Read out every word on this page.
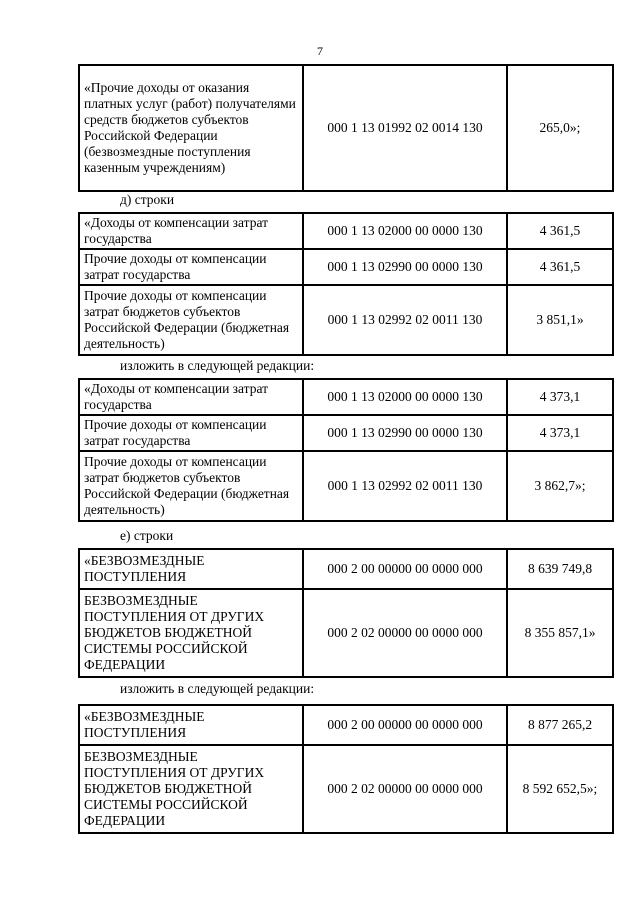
7
«Прочие доходы от оказания платных услуг (работ) получателями средств бюджетов субъектов Российской Федерации (безвозмездные поступления казенным учреждениям)	000 1 13 01992 02 0014 130	265,0»;
д) строки
«Доходы от компенсации затрат государства	000 1 13 02000 00 0000 130	4 361,5
Прочие доходы от компенсации затрат государства	000 1 13 02990 00 0000 130	4 361,5
Прочие доходы от компенсации затрат бюджетов субъектов Российской Федерации (бюджетная деятельность)	000 1 13 02992 02 0011 130	3 851,1»
изложить в следующей редакции:
«Доходы от компенсации затрат государства	000 1 13 02000 00 0000 130	4 373,1
Прочие доходы от компенсации затрат государства	000 1 13 02990 00 0000 130	4 373,1
Прочие доходы от компенсации затрат бюджетов субъектов Российской Федерации (бюджетная деятельность)	000 1 13 02992 02 0011 130	3 862,7»;
е) строки
«БЕЗВОЗМЕЗДНЫЕ ПОСТУПЛЕНИЯ	000 2 00 00000 00 0000 000	8 639 749,8
БЕЗВОЗМЕЗДНЫЕ ПОСТУПЛЕНИЯ ОТ ДРУГИХ БЮДЖЕТОВ БЮДЖЕТНОЙ СИСТЕМЫ РОССИЙСКОЙ ФЕДЕРАЦИИ	000 2 02 00000 00 0000 000	8 355 857,1»
изложить в следующей редакции:
«БЕЗВОЗМЕЗДНЫЕ ПОСТУПЛЕНИЯ	000 2 00 00000 00 0000 000	8 877 265,2
БЕЗВОЗМЕЗДНЫЕ ПОСТУПЛЕНИЯ ОТ ДРУГИХ БЮДЖЕТОВ БЮДЖЕТНОЙ СИСТЕМЫ РОССИЙСКОЙ ФЕДЕРАЦИИ	000 2 02 00000 00 0000 000	8 592 652,5»;
